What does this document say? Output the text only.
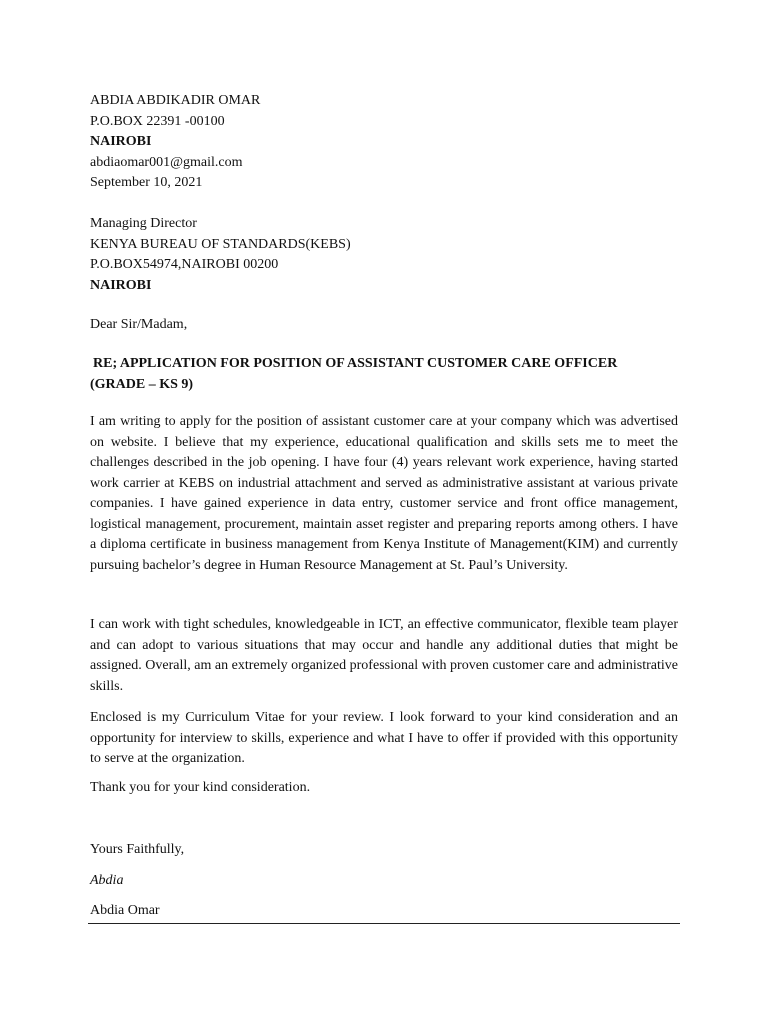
ABDIA ABDIKADIR OMAR
P.O.BOX 22391 -00100
NAIROBI
abdiaomar001@gmail.com
September 10, 2021
Managing Director
KENYA BUREAU OF STANDARDS(KEBS)
P.O.BOX54974,NAIROBI 00200
NAIROBI
Dear Sir/Madam,

RE; APPLICATION FOR POSITION OF ASSISTANT CUSTOMER CARE OFFICER

(GRADE – KS 9)

I am writing to apply for the position of assistant customer care at your company which was advertised on website. I believe that my experience, educational qualification and skills sets me to meet the challenges described in the job opening. I have four (4) years relevant work experience, having started work carrier at KEBS on industrial attachment and served as administrative assistant at various private companies. I have gained experience in data entry, customer service and front office management, logistical management, procurement, maintain asset register and preparing reports among others. I have a diploma certificate in business management from Kenya Institute of Management(KIM) and currently pursuing bachelor’s degree in Human Resource Management at St. Paul’s University.

I can work with tight schedules, knowledgeable in ICT, an effective communicator, flexible team player and can adopt to various situations that may occur and handle any additional duties that might be assigned. Overall, am an extremely organized professional with proven customer care and administrative skills.

Enclosed is my Curriculum Vitae for your review. I look forward to your kind consideration and an opportunity for interview to skills, experience and what I have to offer if provided with this opportunity to serve at the organization.

Thank you for your kind consideration.

Yours Faithfully,
Abdia
Abdia Omar
